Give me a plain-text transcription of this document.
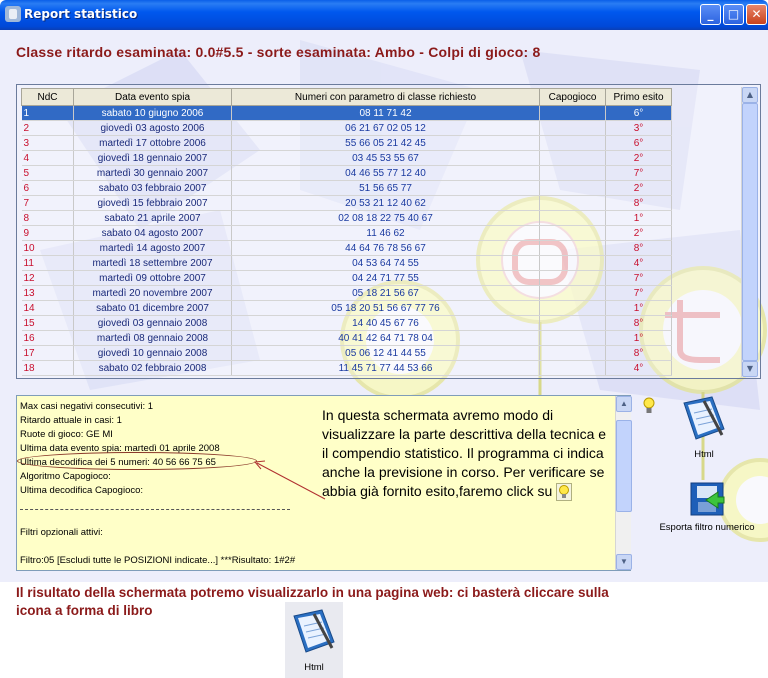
Report statistico	_	□	✕
Classe ritardo esaminata: 0.0#5.5 - sorte esaminata: Ambo - Colpi di gioco: 8
NdC	Data evento spia	Numeri con parametro di classe richiesto	Capogioco	Primo esito
1	sabato 10 giugno 2006	08 11 71 42		6°
2	giovedì 03 agosto 2006	06 21 67 02 05 12		3°
3	martedì 17 ottobre 2006	55 66 05 21 42 45		6°
4	giovedì 18 gennaio 2007	03 45 53 55 67		2°
5	martedì 30 gennaio 2007	04 46 55 77 12 40		7°
6	sabato 03 febbraio 2007	51 56 65 77		2°
7	giovedì 15 febbraio 2007	20 53 21 12 40 62		8°
8	sabato 21 aprile 2007	02 08 18 22 75 40 67		1°
9	sabato 04 agosto 2007	11 46 62		2°
10	martedì 14 agosto 2007	44 64 76 78 56 67		8°
11	martedì 18 settembre 2007	04 53 64 74 55		4°
12	martedì 09 ottobre 2007	04 24 71 77 55		7°
13	martedì 20 novembre 2007	05 18 21 56 67		7°
14	sabato 01 dicembre 2007	05 18 20 51 56 67 77 76		1°
15	giovedì 03 gennaio 2008	14 40 45 67 76		8°
16	martedì 08 gennaio 2008	40 41 42 64 71 78 04		1°
17	giovedì 10 gennaio 2008	05 06 12 41 44 55		8°
18	sabato 02 febbraio 2008	11 45 71 77 44 53 66		4°
▲
▼
Max casi negativi consecutivi: 1
Ritardo attuale in casi: 1
Ruote di gioco: GE MI
Ultima data evento spia: martedì 01 aprile 2008
Ultima decodifica dei 5 numeri: 40 56 66 75 65
Algoritmo Capogioco:
Ultima decodifica Capogioco:
Filtri opzionali attivi:
Filtro:05 [Escludi tutte le POSIZIONI indicate...] ***Risultato: 1#2#
In questa schermata avremo modo di visualizzare la parte descrittiva della tecnica e il compendio statistico. Il programma ci indica anche la previsione in corso. Per verificare se abbia già fornito esito,faremo click su
▲
▼
Html
Esporta filtro numerico
Il risultato della schermata potremo visualizzarlo in una pagina web: ci basterà cliccare sulla icona a forma di libro
Html
